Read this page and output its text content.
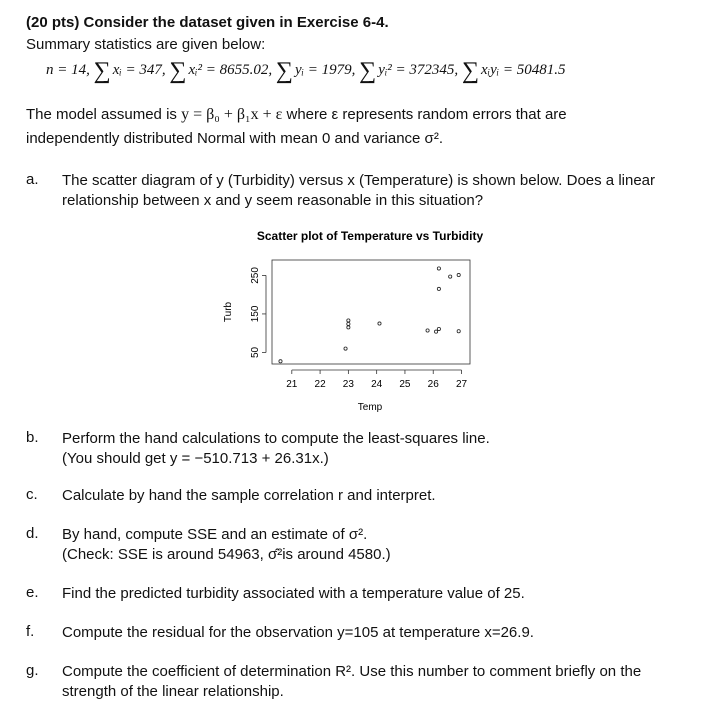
(20 pts) Consider the dataset given in Exercise 6-4.
Summary statistics are given below:
n = 14, ∑ xᵢ = 347, ∑ xᵢ² = 8655.02, ∑ yᵢ = 1979, ∑ yᵢ² = 372345, ∑ xᵢyᵢ = 50481.5
The model assumed is y = β₀ + β₁x + ε where ε represents random errors that are
independently distributed Normal with mean 0 and variance σ².
a. The scatter diagram of y (Turbidity) versus x (Temperature) is shown below. Does a linear
relationship between x and y seem reasonable in this situation?
Scatter plot of Temperature vs Turbidity
21 22 23 24 25 26 27
50
150
250
Temp
Turb
b. Perform the hand calculations to compute the least-squares line.
(You should get y = −510.713 + 26.31x.)
c. Calculate by hand the sample correlation r and interpret.
d. By hand, compute SSE and an estimate of σ².
(Check: SSE is around 54963, σ̂²is around 4580.)
e. Find the predicted turbidity associated with a temperature value of 25.
f. Compute the residual for the observation y=105 at temperature x=26.9.
g. Compute the coefficient of determination R². Use this number to comment briefly on the
strength of the linear relationship.
